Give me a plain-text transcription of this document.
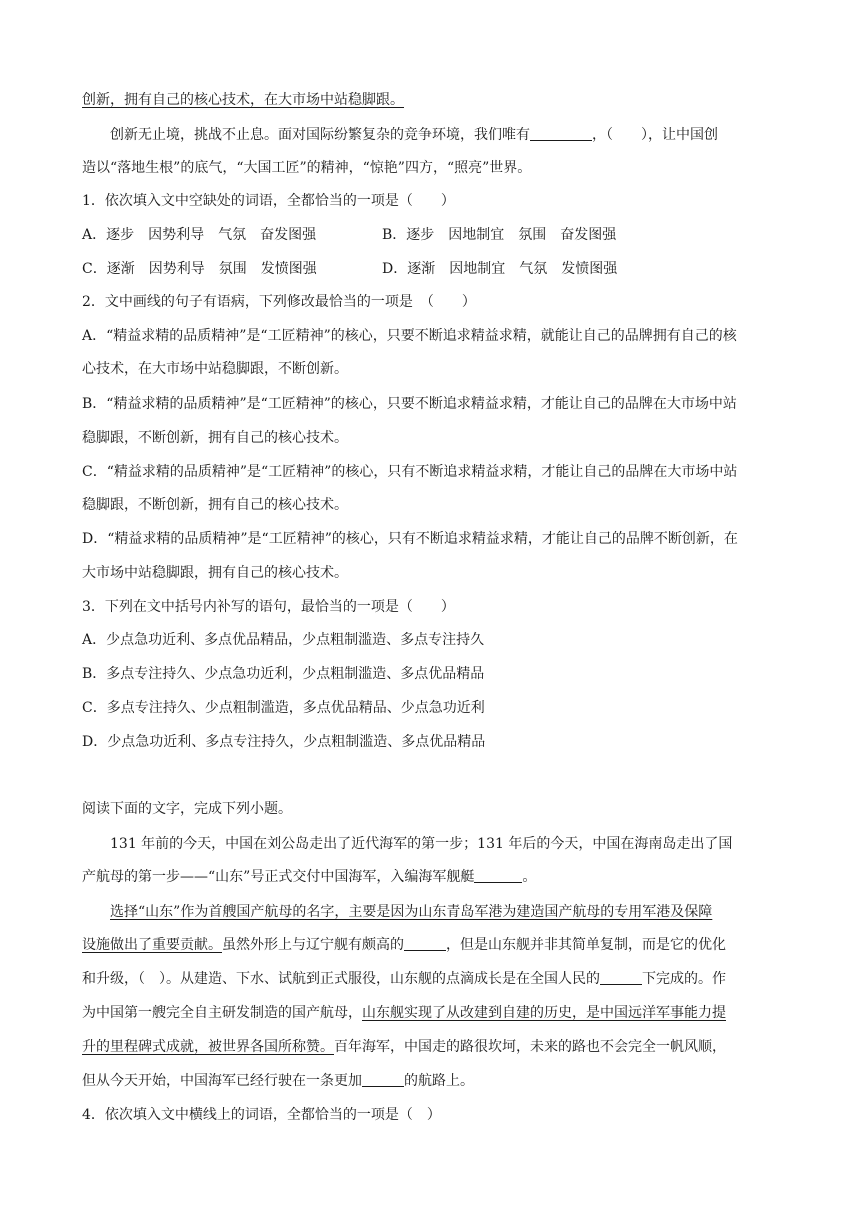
创新，拥有自己的核心技术，在大市场中站稳脚跟。
创新无止境，挑战不止息。面对国际纷繁复杂的竞争环境，我们唯有	，（　　），让中国创
造以“落地生根”的底气，“大国工匠”的精神，“惊艳”四方，“照亮”世界。
1．依次填入文中空缺处的词语，全都恰当的一项是（　　）
A．逐步　因势利导　气氛　奋发图强	B．逐步　因地制宜　氛围　奋发图强
C．逐渐　因势利导　氛围　发愤图强	D．逐渐　因地制宜　气氛　发愤图强
2．文中画线的句子有语病，下列修改最恰当的一项是　（　　）
A．“精益求精的品质精神”是“工匠精神”的核心，只要不断追求精益求精，就能让自己的品牌拥有自己的核
心技术，在大市场中站稳脚跟，不断创新。
B．“精益求精的品质精神”是“工匠精神”的核心，只要不断追求精益求精，才能让自己的品牌在大市场中站
稳脚跟，不断创新，拥有自己的核心技术。
C．“精益求精的品质精神”是“工匠精神”的核心，只有不断追求精益求精，才能让自己的品牌在大市场中站
稳脚跟，不断创新，拥有自己的核心技术。
D．“精益求精的品质精神”是“工匠精神”的核心，只有不断追求精益求精，才能让自己的品牌不断创新，在
大市场中站稳脚跟，拥有自己的核心技术。
3．下列在文中括号内补写的语句，最恰当的一项是（　　）
A．少点急功近利、多点优品精品，少点粗制滥造、多点专注持久
B．多点专注持久、少点急功近利，少点粗制滥造、多点优品精品
C．多点专注持久、少点粗制滥造，多点优品精品、少点急功近利
D．少点急功近利、多点专注持久，少点粗制滥造、多点优品精品
阅读下面的文字，完成下列小题。
131 年前的今天，中国在刘公岛走出了近代海军的第一步；131 年后的今天，中国在海南岛走出了国
产航母的第一步——“山东”号正式交付中国海军，入编海军舰艇	。
选择“山东”作为首艘国产航母的名字，主要是因为山东青岛军港为建造国产航母的专用军港及保障
设施做出了重要贡献。虽然外形上与辽宁舰有颇高的	，但是山东舰并非其简单复制，而是它的优化
和升级，（　）。从建造、下水、试航到正式服役，山东舰的点滴成长是在全国人民的	下完成的。作
为中国第一艘完全自主研发制造的国产航母，山东舰实现了从改建到自建的历史，是中国远洋军事能力提
升的里程碑式成就，被世界各国所称赞。百年海军，中国走的路很坎坷，未来的路也不会完全一帆风顺，
但从今天开始，中国海军已经行驶在一条更加	的航路上。
4．依次填入文中横线上的词语，全都恰当的一项是（　）
